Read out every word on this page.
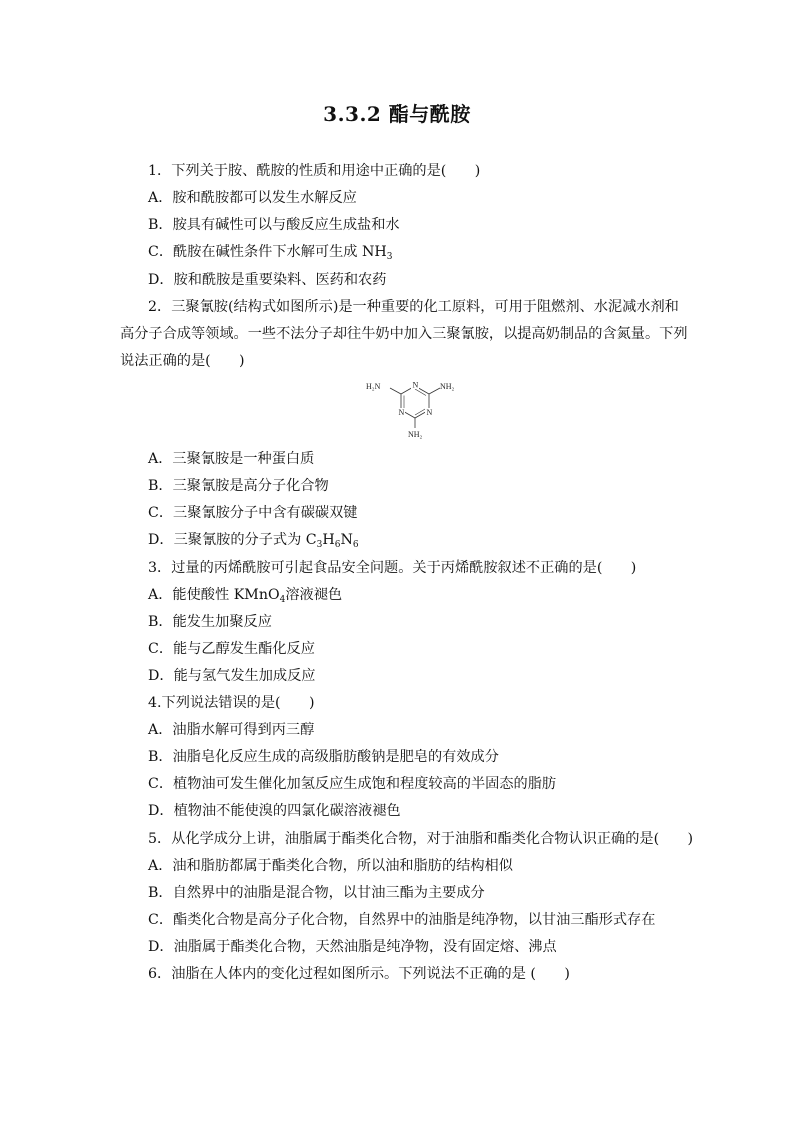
3.3.2 酯与酰胺
1．下列关于胺、酰胺的性质和用途中正确的是(　　)
A．胺和酰胺都可以发生水解反应
B．胺具有碱性可以与酸反应生成盐和水
C．酰胺在碱性条件下水解可生成 $NH_3$
D．胺和酰胺是重要染料、医药和农药
2．三聚氰胺(结构式如图所示)是一种重要的化工原料，可用于阻燃剂、水泥减水剂和
高分子合成等领域。一些不法分子却往牛奶中加入三聚氰胺，以提高奶制品的含氮量。下列
说法正确的是(　　)
N
N
N
H₂N	NH₂
NH₂
A．三聚氰胺是一种蛋白质
B．三聚氰胺是高分子化合物
C．三聚氰胺分子中含有碳碳双键
D．三聚氰胺的分子式为 $C_3H_6N_6$
3．过量的丙烯酰胺可引起食品安全问题。关于丙烯酰胺叙述不正确的是(　　)
A．能使酸性 KMnO$_4$溶液褪色
B．能发生加聚反应
C．能与乙醇发生酯化反应
D．能与氢气发生加成反应
4.下列说法错误的是(　　)
A．油脂水解可得到丙三醇
B．油脂皂化反应生成的高级脂肪酸钠是肥皂的有效成分
C．植物油可发生催化加氢反应生成饱和程度较高的半固态的脂肪
D．植物油不能使溴的四氯化碳溶液褪色
5．从化学成分上讲，油脂属于酯类化合物，对于油脂和酯类化合物认识正确的是(　　)
A．油和脂肪都属于酯类化合物，所以油和脂肪的结构相似
B．自然界中的油脂是混合物，以甘油三酯为主要成分
C．酯类化合物是高分子化合物，自然界中的油脂是纯净物，以甘油三酯形式存在
D．油脂属于酯类化合物，天然油脂是纯净物，没有固定熔、沸点
6．油脂在人体内的变化过程如图所示。下列说法不正确的是 (　　)
